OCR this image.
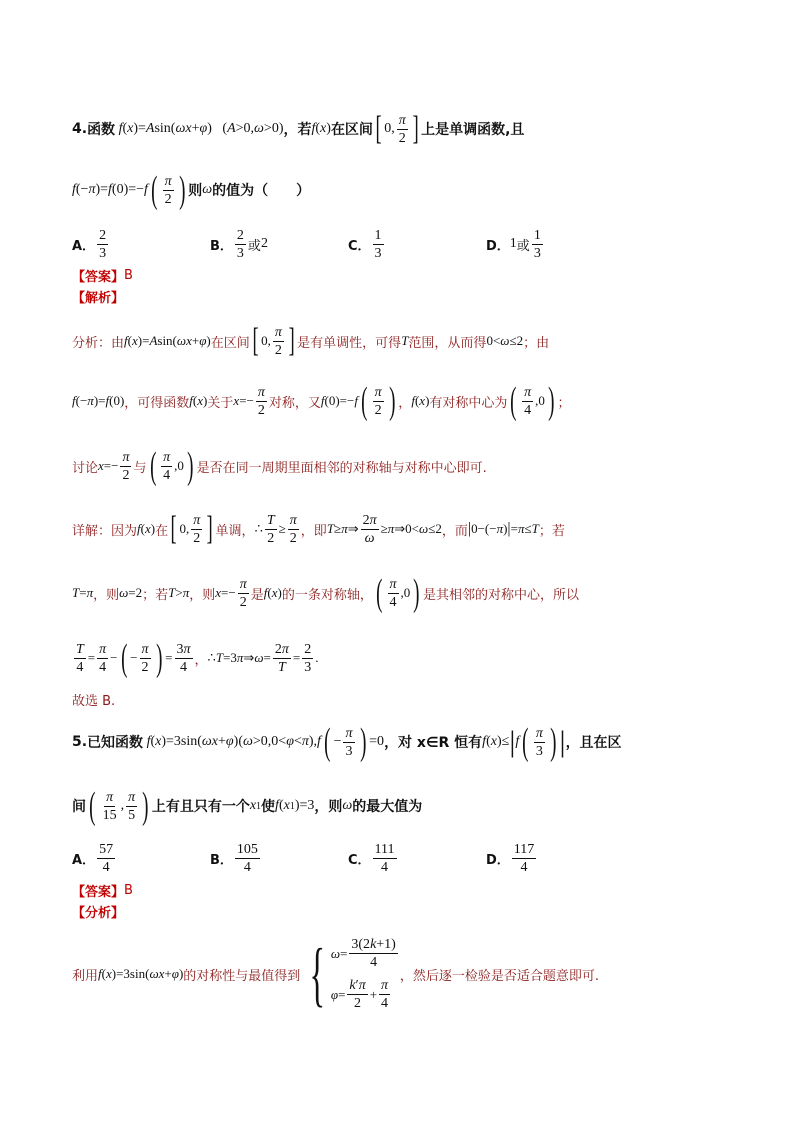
4. 函数 f ( x )= A sin( ωx + φ )   ( A >0, ω >0) ，若 f ( x ) 在区间 [ 0, $\frac{\pi}{2}$ ] 上是单调函数,且
f (− π )= f (0)=− f ( $\frac{\pi}{2}$ ) 则 ω 的值为（　　）
A． $\frac{2}{3}$	B． $\frac{2}{3}$ 或 2	C． $\frac{1}{3}$	D． 1 或 $\frac{1}{3}$
【答案】 B
【解析】
分析：由 f ( x )= A sin( ωx + φ ) 在区间 [ 0, $\frac{\pi}{2}$ ] 是有单调性，可得 T 范围，从而得 0< ω ≤2 ；由
f (− π )= f (0) ，可得函数 f ( x ) 关于 $x =- \frac{\pi}{2}$ 对称，又 f (0)=− f ( $\frac{\pi}{2}$ ) ， f ( x ) 有对称中心为 ( $\frac{\pi}{4} ,0$ ) ；
讨论 $x =- \frac{\pi}{2}$ 与 ( $\frac{\pi}{4} ,0$ ) 是否在同一周期里面相邻的对称轴与对称中心即可.
详解：因为 f ( x ) 在 [ 0, $\frac{\pi}{2}$ ] 单调， ∴ $\frac{T}{2} \ge \frac{\pi}{2}$ ，即 T ≥ π ⇒ $\frac{2\pi}{\omega} \ge \pi$ ⇒0< ω ≤2 ，而 | 0−(− π ) | = π ≤ T ；若
T = π ，则 ω =2 ；若 T > π ，则 $x =- \frac{\pi}{2}$ 是 f ( x ) 的一条对称轴， ( $\frac{\pi}{4} ,0$ ) 是其相邻的对称中心，所以
$\frac{T}{4} = \frac{\pi}{4}$ − ( − $\frac{\pi}{2}$ ) = $\frac{3\pi}{4}$ ， ∴ T =3 π ⇒ $\omega = \frac{2\pi}{T} = \frac{2}{3}$ .
故选 B.
5. 已知函数 f ( x )=3sin( ωx + φ )( ω >0,0< φ < π ), f ( − $\frac{\pi}{3}$ ) =0 ，对 x∈R 恒有 f ( x )≤ | f ( $\frac{\pi}{3}$ ) | ，且在区
间 ( $\frac{\pi}{15}$ , $\frac{\pi}{5}$ ) 上有且只有一个 x 1 使 f ( x 1 )=3 ，则 ω 的最大值为
A． $\frac{57}{4}$	B． $\frac{105}{4}$	C． $\frac{111}{4}$	D． $\frac{117}{4}$
【答案】 B
【分析】
利用 f ( x )=3sin( ωx + φ ) 的对称性与最值得到 { $\omega = \frac{3(2k+1)}{4}$
$\varphi = \frac{k'\pi}{2} + \frac{\pi}{4}$
，然后逐一检验是否适合题意即可.
